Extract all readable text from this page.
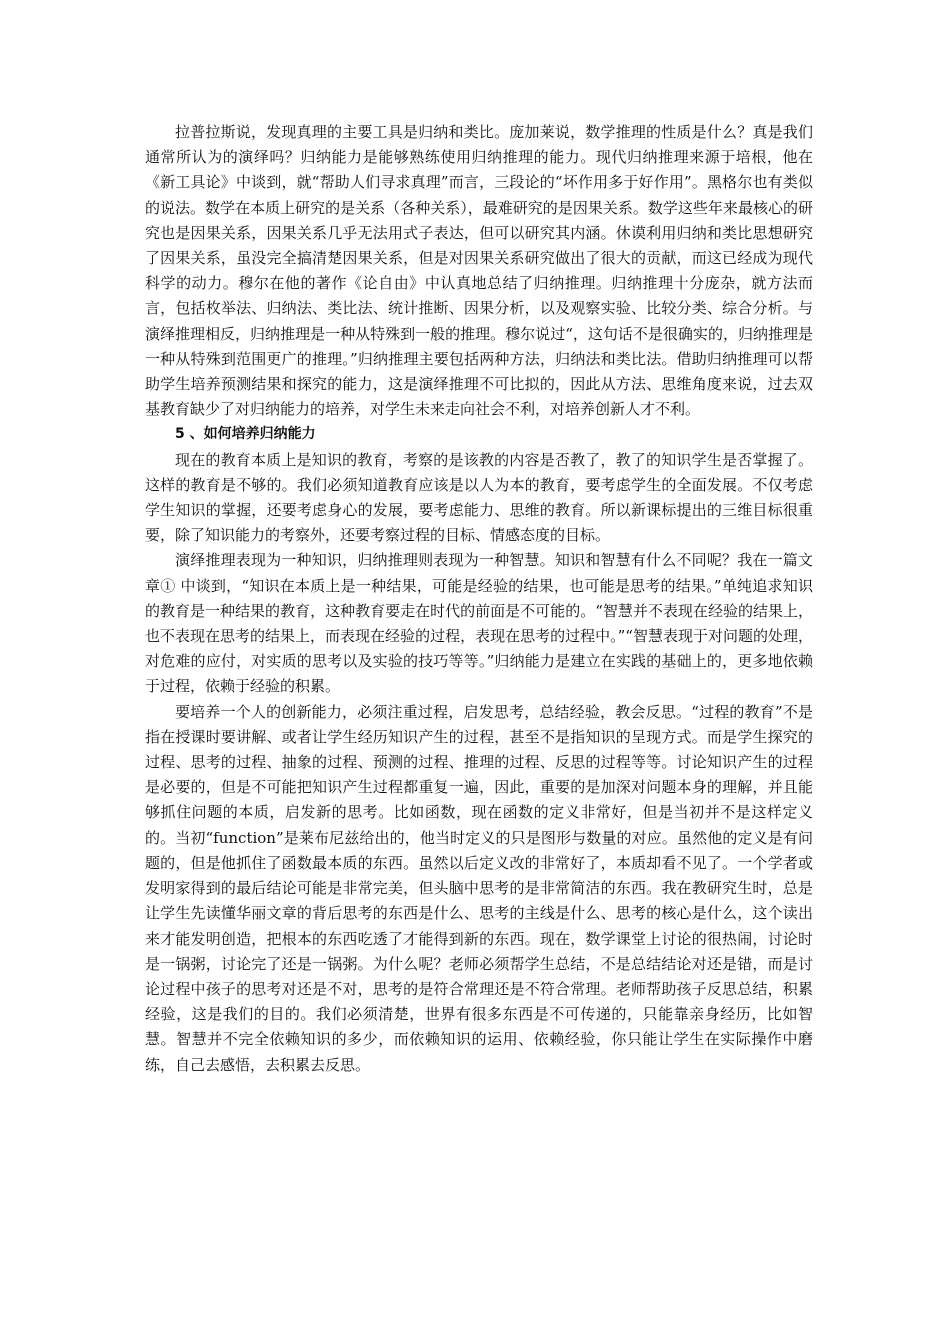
拉普拉斯说，发现真理的主要工具是归纳和类比。庞加莱说，数学推理的性质是什么？真是我们通常所认为的演绎吗？归纳能力是能够熟练使用归纳推理的能力。现代归纳推理来源于培根，他在《新工具论》中谈到，就“帮助人们寻求真理”而言，三段论的“坏作用多于好作用”。黑格尔也有类似的说法。数学在本质上研究的是关系（各种关系），最难研究的是因果关系。数学这些年来最核心的研究也是因果关系，因果关系几乎无法用式子表达，但可以研究其内涵。休谟利用归纳和类比思想研究了因果关系，虽没完全搞清楚因果关系，但是对因果关系研究做出了很大的贡献，而这已经成为现代科学的动力。穆尔在他的著作《论自由》中认真地总结了归纳推理。归纳推理十分庞杂，就方法而言，包括枚举法、归纳法、类比法、统计推断、因果分析，以及观察实验、比较分类、综合分析。与演绎推理相反，归纳推理是一种从特殊到一般的推理。穆尔说过“，这句话不是很确实的，归纳推理是一种从特殊到范围更广的推理。”归纳推理主要包括两种方法，归纳法和类比法。借助归纳推理可以帮助学生培养预测结果和探究的能力，这是演绎推理不可比拟的，因此从方法、思维角度来说，过去双基教育缺少了对归纳能力的培养，对学生未来走向社会不利，对培养创新人才不利。

5 、如何培养归纳能力

现在的教育本质上是知识的教育，考察的是该教的内容是否教了，教了的知识学生是否掌握了。这样的教育是不够的。我们必须知道教育应该是以人为本的教育，要考虑学生的全面发展。不仅考虑学生知识的掌握，还要考虑身心的发展，要考虑能力、思维的教育。所以新课标提出的三维目标很重要，除了知识能力的考察外，还要考察过程的目标、情感态度的目标。

演绎推理表现为一种知识，归纳推理则表现为一种智慧。知识和智慧有什么不同呢？我在一篇文章① 中谈到，“知识在本质上是一种结果，可能是经验的结果，也可能是思考的结果。”单纯追求知识的教育是一种结果的教育，这种教育要走在时代的前面是不可能的。“智慧并不表现在经验的结果上，也不表现在思考的结果上，而表现在经验的过程，表现在思考的过程中。”“智慧表现于对问题的处理，对危难的应付，对实质的思考以及实验的技巧等等。”归纳能力是建立在实践的基础上的，更多地依赖于过程，依赖于经验的积累。

要培养一个人的创新能力，必须注重过程，启发思考，总结经验，教会反思。“过程的教育”不是指在授课时要讲解、或者让学生经历知识产生的过程，甚至不是指知识的呈现方式。而是学生探究的过程、思考的过程、抽象的过程、预测的过程、推理的过程、反思的过程等等。讨论知识产生的过程是必要的，但是不可能把知识产生过程都重复一遍，因此，重要的是加深对问题本身的理解，并且能够抓住问题的本质，启发新的思考。比如函数，现在函数的定义非常好，但是当初并不是这样定义的。当初“function”是莱布尼兹给出的，他当时定义的只是图形与数量的对应。虽然他的定义是有问题的，但是他抓住了函数最本质的东西。虽然以后定义改的非常好了，本质却看不见了。一个学者或发明家得到的最后结论可能是非常完美，但头脑中思考的是非常简洁的东西。我在教研究生时，总是让学生先读懂华丽文章的背后思考的东西是什么、思考的主线是什么、思考的核心是什么，这个读出来才能发明创造，把根本的东西吃透了才能得到新的东西。现在，数学课堂上讨论的很热闹，讨论时是一锅粥，讨论完了还是一锅粥。为什么呢？老师必须帮学生总结，不是总结结论对还是错，而是讨论过程中孩子的思考对还是不对，思考的是符合常理还是不符合常理。老师帮助孩子反思总结，积累经验，这是我们的目的。我们必须清楚，世界有很多东西是不可传递的，只能靠亲身经历，比如智慧。智慧并不完全依赖知识的多少，而依赖知识的运用、依赖经验，你只能让学生在实际操作中磨练，自己去感悟，去积累去反思。
